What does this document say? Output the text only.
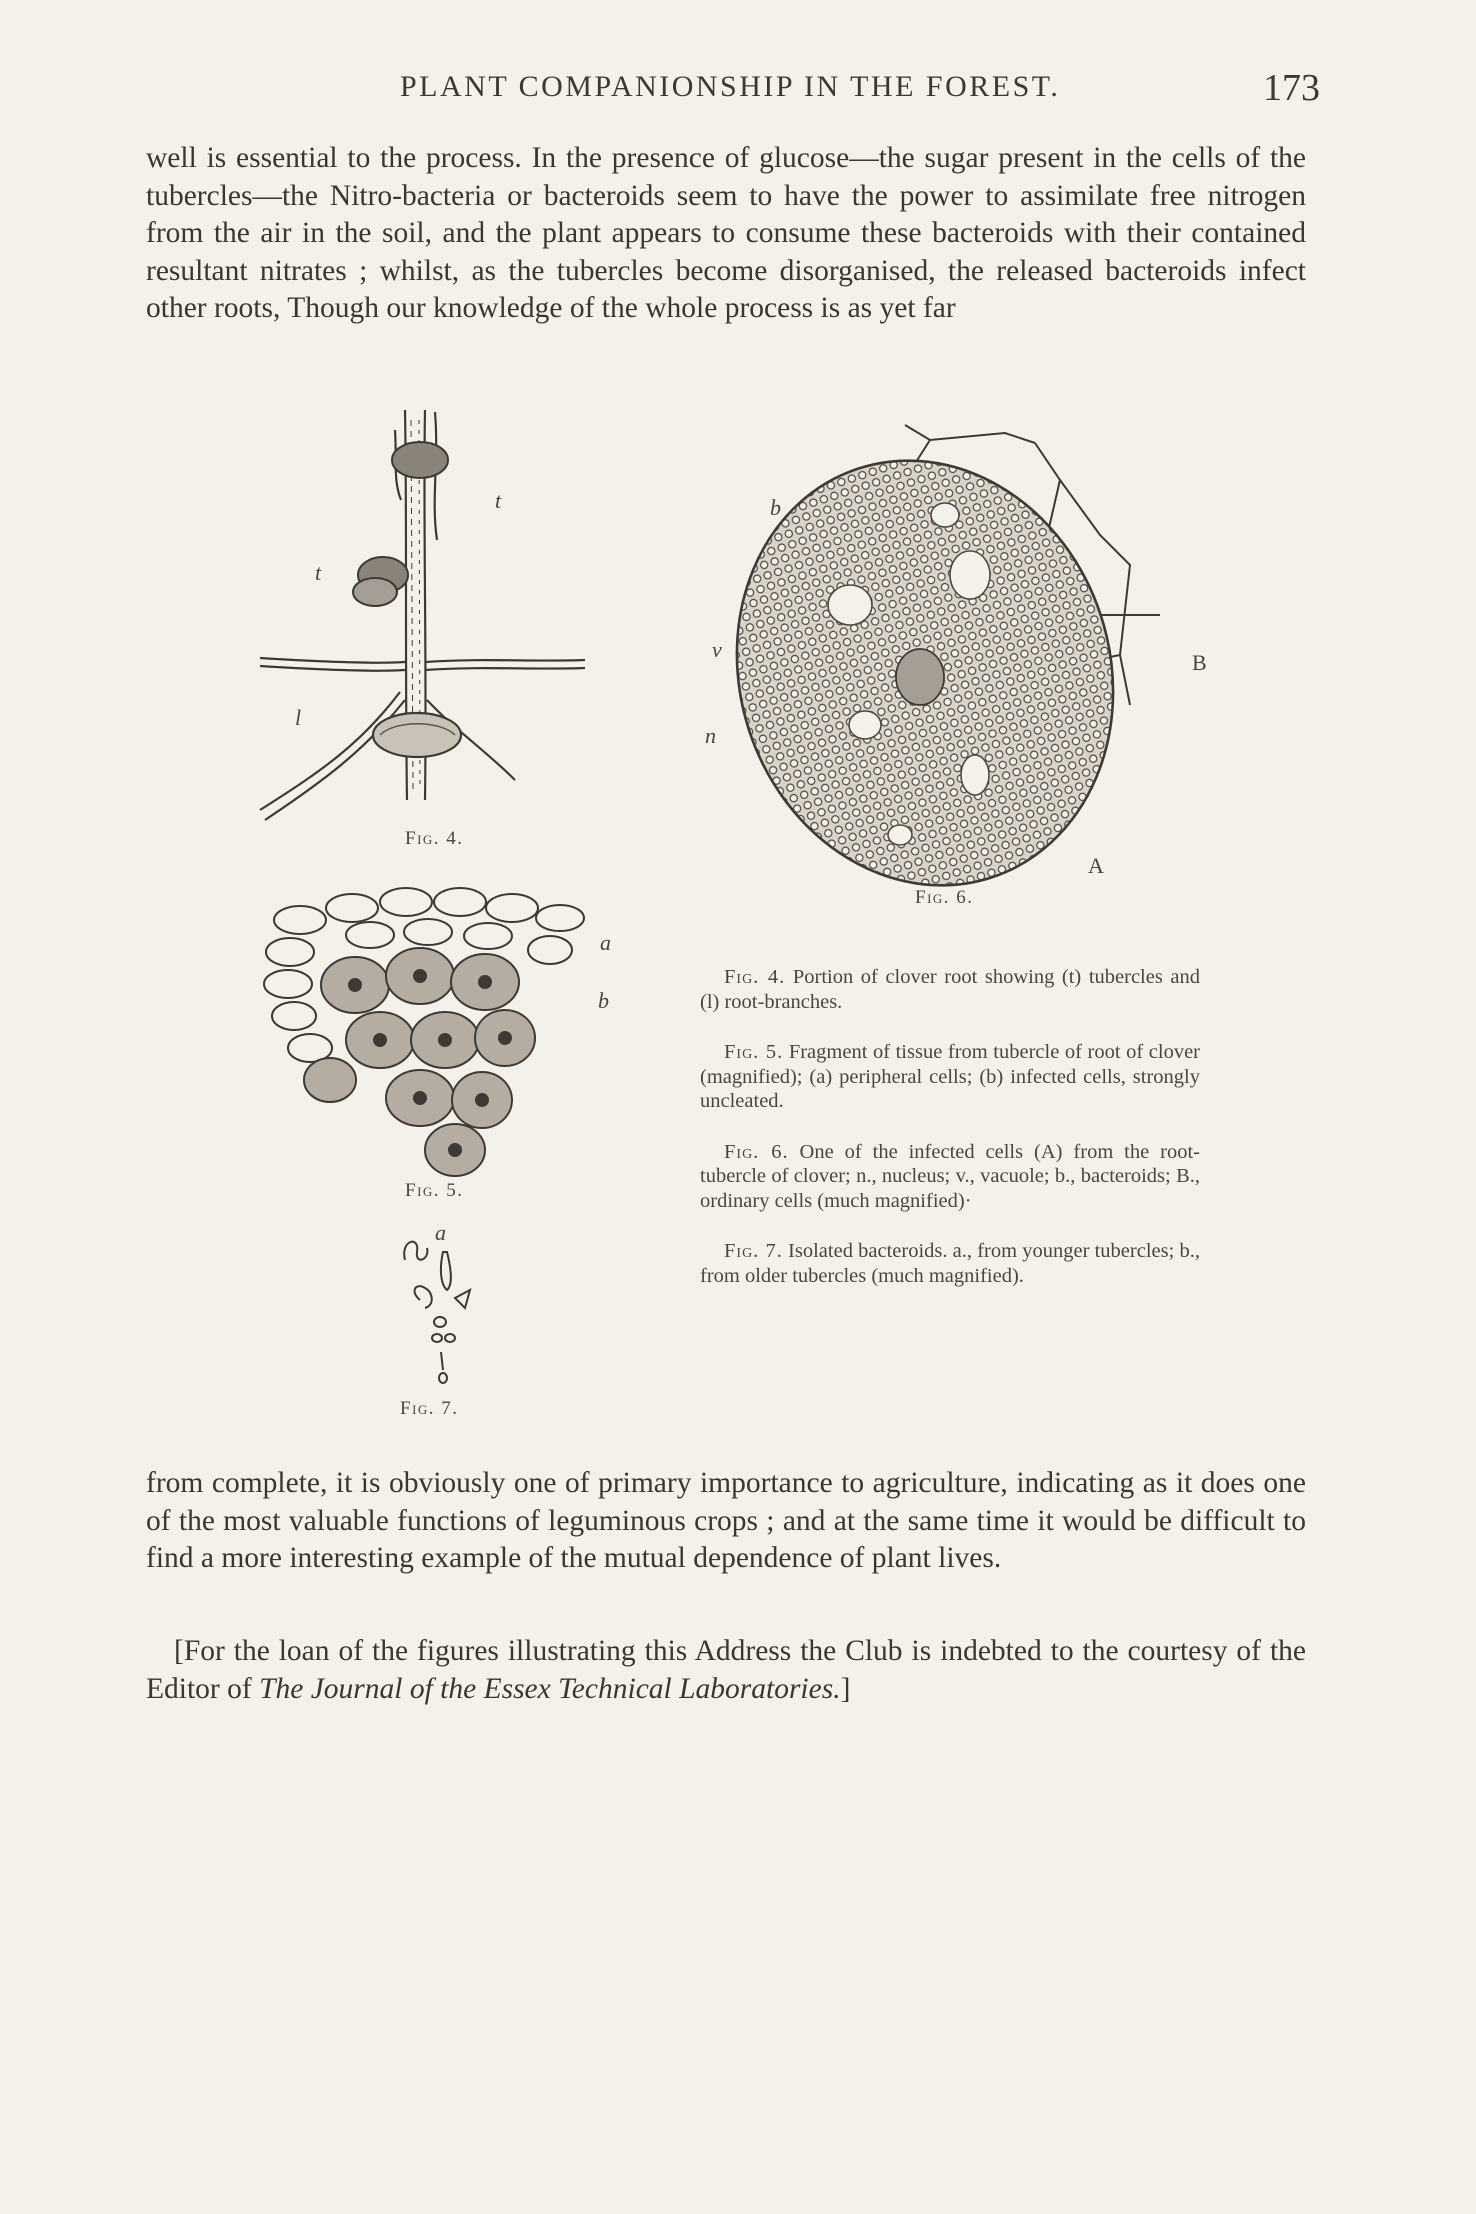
PLANT COMPANIONSHIP IN THE FOREST.	173

well is essential to the process. In the presence of glucose—the sugar present in the cells of the tubercles—the Nitro-bacteria or bacteroids seem to have the power to assimilate free nitrogen from the air in the soil, and the plant appears to consume these bacteroids with their contained resultant nitrates ; whilst, as the tubercles become disorganised, the released bacteroids infect other roots, Though our knowledge of the whole process is as yet far

t
t
l
Fig. 4.
a
b
Fig. 5.
a
Fig. 7.
b
v
n
B
A
Fig. 6.

Fig. 4. Portion of clover root showing (t) tubercles and (l) root-branches.

Fig. 5. Fragment of tissue from tubercle of root of clover (magnified); (a) peripheral cells; (b) infected cells, strongly uncleated.

Fig. 6. One of the infected cells (A) from the root-tubercle of clover; n., nucleus; v., vacuole; b., bacteroids; B., ordinary cells (much magnified)·

Fig. 7. Isolated bacteroids. a., from younger tubercles; b., from older tubercles (much magnified).

from complete, it is obviously one of primary importance to agriculture, indicating as it does one of the most valuable functions of leguminous crops ; and at the same time it would be difficult to find a more interesting example of the mutual dependence of plant lives.

[For the loan of the figures illustrating this Address the Club is indebted to the courtesy of the Editor of The Journal of the Essex Technical Laboratories.]
